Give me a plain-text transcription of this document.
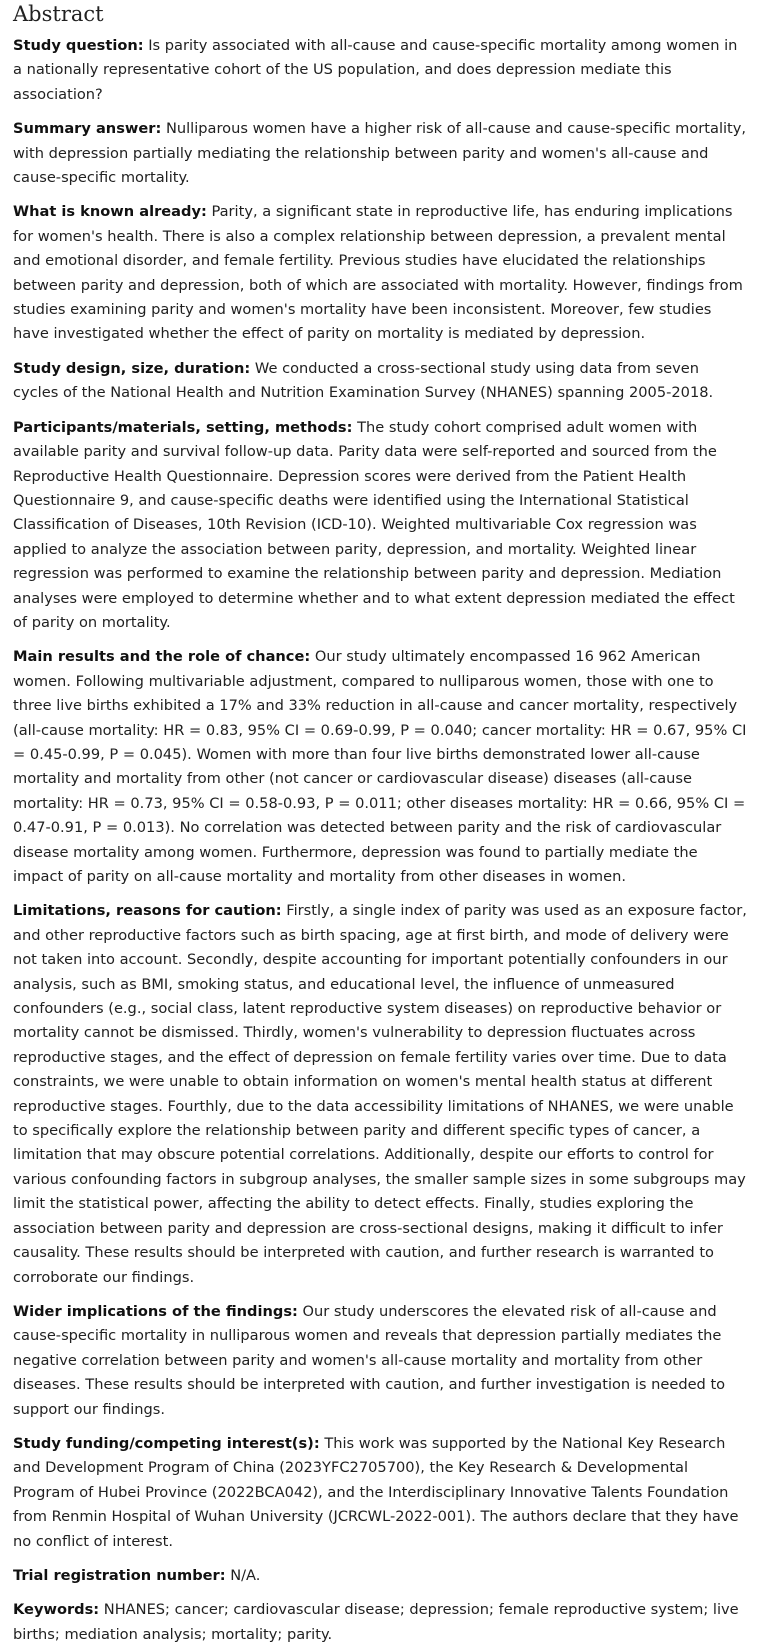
Abstract

Study question: Is parity associated with all-cause and cause-specific mortality among women in a nationally representative cohort of the US population, and does depression mediate this association?

Summary answer: Nulliparous women have a higher risk of all-cause and cause-specific mortality, with depression partially mediating the relationship between parity and women's all-cause and cause-specific mortality.

What is known already: Parity, a significant state in reproductive life, has enduring implications for women's health. There is also a complex relationship between depression, a prevalent mental and emotional disorder, and female fertility. Previous studies have elucidated the relationships between parity and depression, both of which are associated with mortality. However, findings from studies examining parity and women's mortality have been inconsistent. Moreover, few studies have investigated whether the effect of parity on mortality is mediated by depression.

Study design, size, duration: We conducted a cross-sectional study using data from seven cycles of the National Health and Nutrition Examination Survey (NHANES) spanning 2005-2018.

Participants/materials, setting, methods: The study cohort comprised adult women with available parity and survival follow-up data. Parity data were self-reported and sourced from the Reproductive Health Questionnaire. Depression scores were derived from the Patient Health Questionnaire 9, and cause-specific deaths were identified using the International Statistical Classification of Diseases, 10th Revision (ICD-10). Weighted multivariable Cox regression was applied to analyze the association between parity, depression, and mortality. Weighted linear regression was performed to examine the relationship between parity and depression. Mediation analyses were employed to determine whether and to what extent depression mediated the effect of parity on mortality.

Main results and the role of chance: Our study ultimately encompassed 16 962 American women. Following multivariable adjustment, compared to nulliparous women, those with one to three live births exhibited a 17% and 33% reduction in all-cause and cancer mortality, respectively (all-cause mortality: HR = 0.83, 95% CI = 0.69-0.99, P = 0.040; cancer mortality: HR = 0.67, 95% CI = 0.45-0.99, P = 0.045). Women with more than four live births demonstrated lower all-cause mortality and mortality from other (not cancer or cardiovascular disease) diseases (all-cause mortality: HR = 0.73, 95% CI = 0.58-0.93, P = 0.011; other diseases mortality: HR = 0.66, 95% CI = 0.47-0.91, P = 0.013). No correlation was detected between parity and the risk of cardiovascular disease mortality among women. Furthermore, depression was found to partially mediate the impact of parity on all-cause mortality and mortality from other diseases in women.

Limitations, reasons for caution: Firstly, a single index of parity was used as an exposure factor, and other reproductive factors such as birth spacing, age at first birth, and mode of delivery were not taken into account. Secondly, despite accounting for important potentially confounders in our analysis, such as BMI, smoking status, and educational level, the influence of unmeasured confounders (e.g., social class, latent reproductive system diseases) on reproductive behavior or mortality cannot be dismissed. Thirdly, women's vulnerability to depression fluctuates across reproductive stages, and the effect of depression on female fertility varies over time. Due to data constraints, we were unable to obtain information on women's mental health status at different reproductive stages. Fourthly, due to the data accessibility limitations of NHANES, we were unable to specifically explore the relationship between parity and different specific types of cancer, a limitation that may obscure potential correlations. Additionally, despite our efforts to control for various confounding factors in subgroup analyses, the smaller sample sizes in some subgroups may limit the statistical power, affecting the ability to detect effects. Finally, studies exploring the association between parity and depression are cross-sectional designs, making it difficult to infer causality. These results should be interpreted with caution, and further research is warranted to corroborate our findings.

Wider implications of the findings: Our study underscores the elevated risk of all-cause and cause-specific mortality in nulliparous women and reveals that depression partially mediates the negative correlation between parity and women's all-cause mortality and mortality from other diseases. These results should be interpreted with caution, and further investigation is needed to support our findings.

Study funding/competing interest(s): This work was supported by the National Key Research and Development Program of China (2023YFC2705700), the Key Research & Developmental Program of Hubei Province (2022BCA042), and the Interdisciplinary Innovative Talents Foundation from Renmin Hospital of Wuhan University (JCRCWL-2022-001). The authors declare that they have no conflict of interest.

Trial registration number: N/A.

Keywords: NHANES; cancer; cardiovascular disease; depression; female reproductive system; live births; mediation analysis; mortality; parity.
